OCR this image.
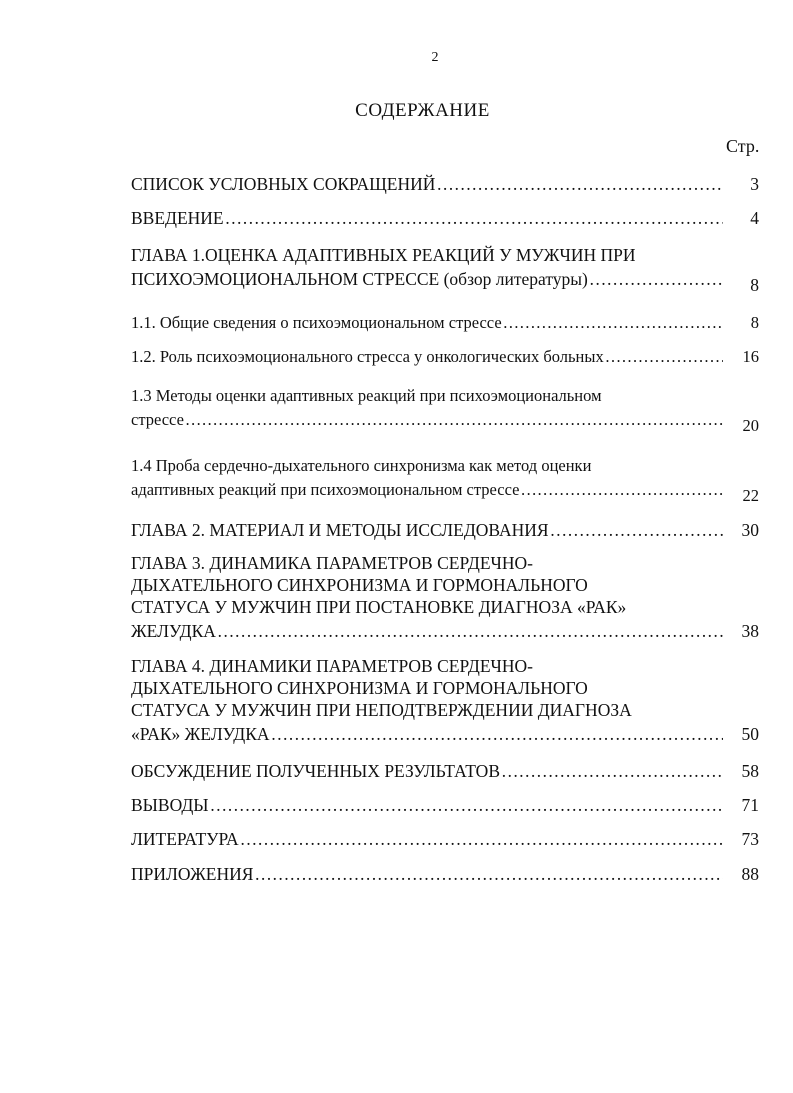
2
СОДЕРЖАНИЕ
Стр.
СПИСОК УСЛОВНЫХ СОКРАЩЕНИЙ …………………………………………………………………………………………………………………………………………………………………………………………	3
ВВЕДЕНИЕ …………………………………………………………………………………………………………………………………………………………………………………………	4
ГЛАВА 1.ОЦЕНКА АДАПТИВНЫХ РЕАКЦИЙ У МУЖЧИН ПРИ
ПСИХОЭМОЦИОНАЛЬНОМ СТРЕССЕ (обзор литературы) …………………………………………………………………………………………………………………………………………………………………………………………	8
1.1. Общие сведения о психоэмоциональном стрессе …………………………………………………………………………………………………………………………………………………………………………………………	8
1.2. Роль психоэмоционального стресса у онкологических больных …………………………………………………………………………………………………………………………………………………………………………………………	16
1.3 Методы оценки адаптивных реакций при психоэмоциональном
стрессе …………………………………………………………………………………………………………………………………………………………………………………………	20
1.4 Проба сердечно-дыхательного синхронизма как метод оценки
адаптивных реакций при психоэмоциональном стрессе …………………………………………………………………………………………………………………………………………………………………………………………	22
ГЛАВА 2. МАТЕРИАЛ И МЕТОДЫ ИССЛЕДОВАНИЯ …………………………………………………………………………………………………………………………………………………………………………………………	30
ГЛАВА 3. ДИНАМИКА ПАРАМЕТРОВ СЕРДЕЧНО-
ДЫХАТЕЛЬНОГО СИНХРОНИЗМА И ГОРМОНАЛЬНОГО
СТАТУСА У МУЖЧИН ПРИ ПОСТАНОВКЕ ДИАГНОЗА «РАК»
ЖЕЛУДКА …………………………………………………………………………………………………………………………………………………………………………………………	38
ГЛАВА 4. ДИНАМИКИ ПАРАМЕТРОВ СЕРДЕЧНО-
ДЫХАТЕЛЬНОГО СИНХРОНИЗМА И ГОРМОНАЛЬНОГО
СТАТУСА У МУЖЧИН ПРИ НЕПОДТВЕРЖДЕНИИ ДИАГНОЗА
«РАК» ЖЕЛУДКА …………………………………………………………………………………………………………………………………………………………………………………………	50
ОБСУЖДЕНИЕ ПОЛУЧЕННЫХ РЕЗУЛЬТАТОВ …………………………………………………………………………………………………………………………………………………………………………………………	58
ВЫВОДЫ …………………………………………………………………………………………………………………………………………………………………………………………	71
ЛИТЕРАТУРА …………………………………………………………………………………………………………………………………………………………………………………………	73
ПРИЛОЖЕНИЯ …………………………………………………………………………………………………………………………………………………………………………………………	88
